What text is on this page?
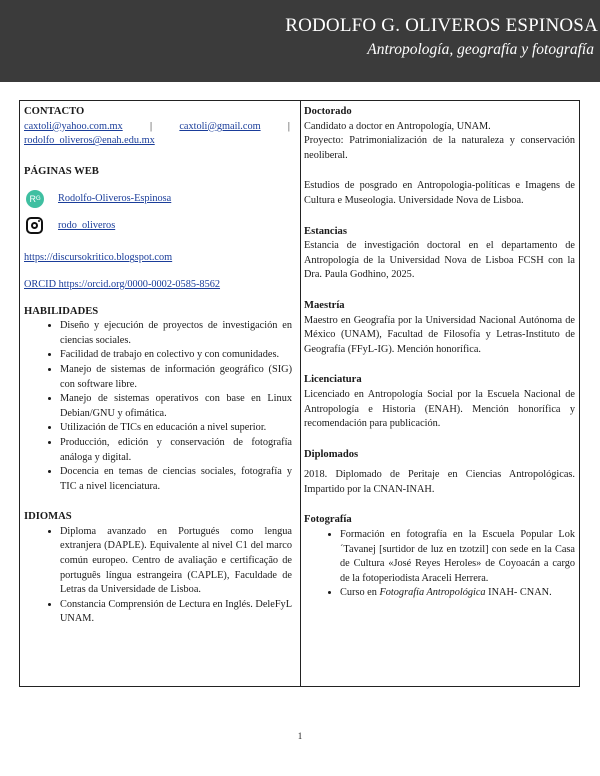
RODOLFO G. OLIVEROS ESPINOSA
Antropología, geografía y fotografía

CONTACTO

caxtoli@yahoo.com.mx	|	caxtoli@gmail.com	|
rodolfo_oliveros@enah.edu.mx

PÁGINAS WEB

Rᴳ	Rodolfo-Oliveros-Espinosa
rodo_oliveros
https://discursokritico.blogspot.com
ORCID https://orcid.org/0000-0002-0585-8562

HABILIDADES

• Diseño y ejecución de proyectos de investigación en ciencias sociales.
• Facilidad de trabajo en colectivo y con comunidades.
• Manejo de sistemas de información geográfico (SIG) con software libre.
• Manejo de sistemas operativos con base en Linux Debian/GNU y ofimática.
• Utilización de TICs en educación a nivel superior.
• Producción, edición y conservación de fotografía análoga y digital.
• Docencia en temas de ciencias sociales, fotografía y TIC a nivel licenciatura.

IDIOMAS

• Diploma avanzado en Portugués como lengua extranjera (DAPLE). Equivalente al nivel C1 del marco común europeo. Centro de avaliação e certificação de português língua estrangeira (CAPLE), Faculdade de Letras da Universidade de Lisboa.
• Constancia Comprensión de Lectura en Inglés. DeleFyL UNAM.

Doctorado

Candidato a doctor en Antropología, UNAM.

Proyecto: Patrimonialización de la naturaleza y conservación neoliberal.

Estudios de posgrado en Antropologia-políticas e Imagens de Cultura e Museologia. Universidade Nova de Lisboa.

Estancias

Estancia de investigación doctoral en el departamento de Antropología de la Universidad Nova de Lisboa FCSH con la Dra. Paula Godhino, 2025.

Maestría

Maestro en Geografía por la Universidad Nacional Autónoma de México (UNAM), Facultad de Filosofía y Letras-Instituto de Geografía (FFyL-IG). Mención honorífica.

Licenciatura

Licenciado en Antropología Social por la Escuela Nacional de Antropología e Historia (ENAH). Mención honorífica y recomendación para publicación.

Diplomados

2018. Diplomado de Peritaje en Ciencias Antropológicas. Impartido por la CNAN-INAH.

Fotografía

• Formación en fotografía en la Escuela Popular Lok ´Tavanej [surtidor de luz en tzotzil] con sede en la Casa de Cultura «José Reyes Heroles» de Coyoacán a cargo de la fotoperiodista Araceli Herrera.
• Curso en Fotografía Antropológica INAH- CNAN.
1
